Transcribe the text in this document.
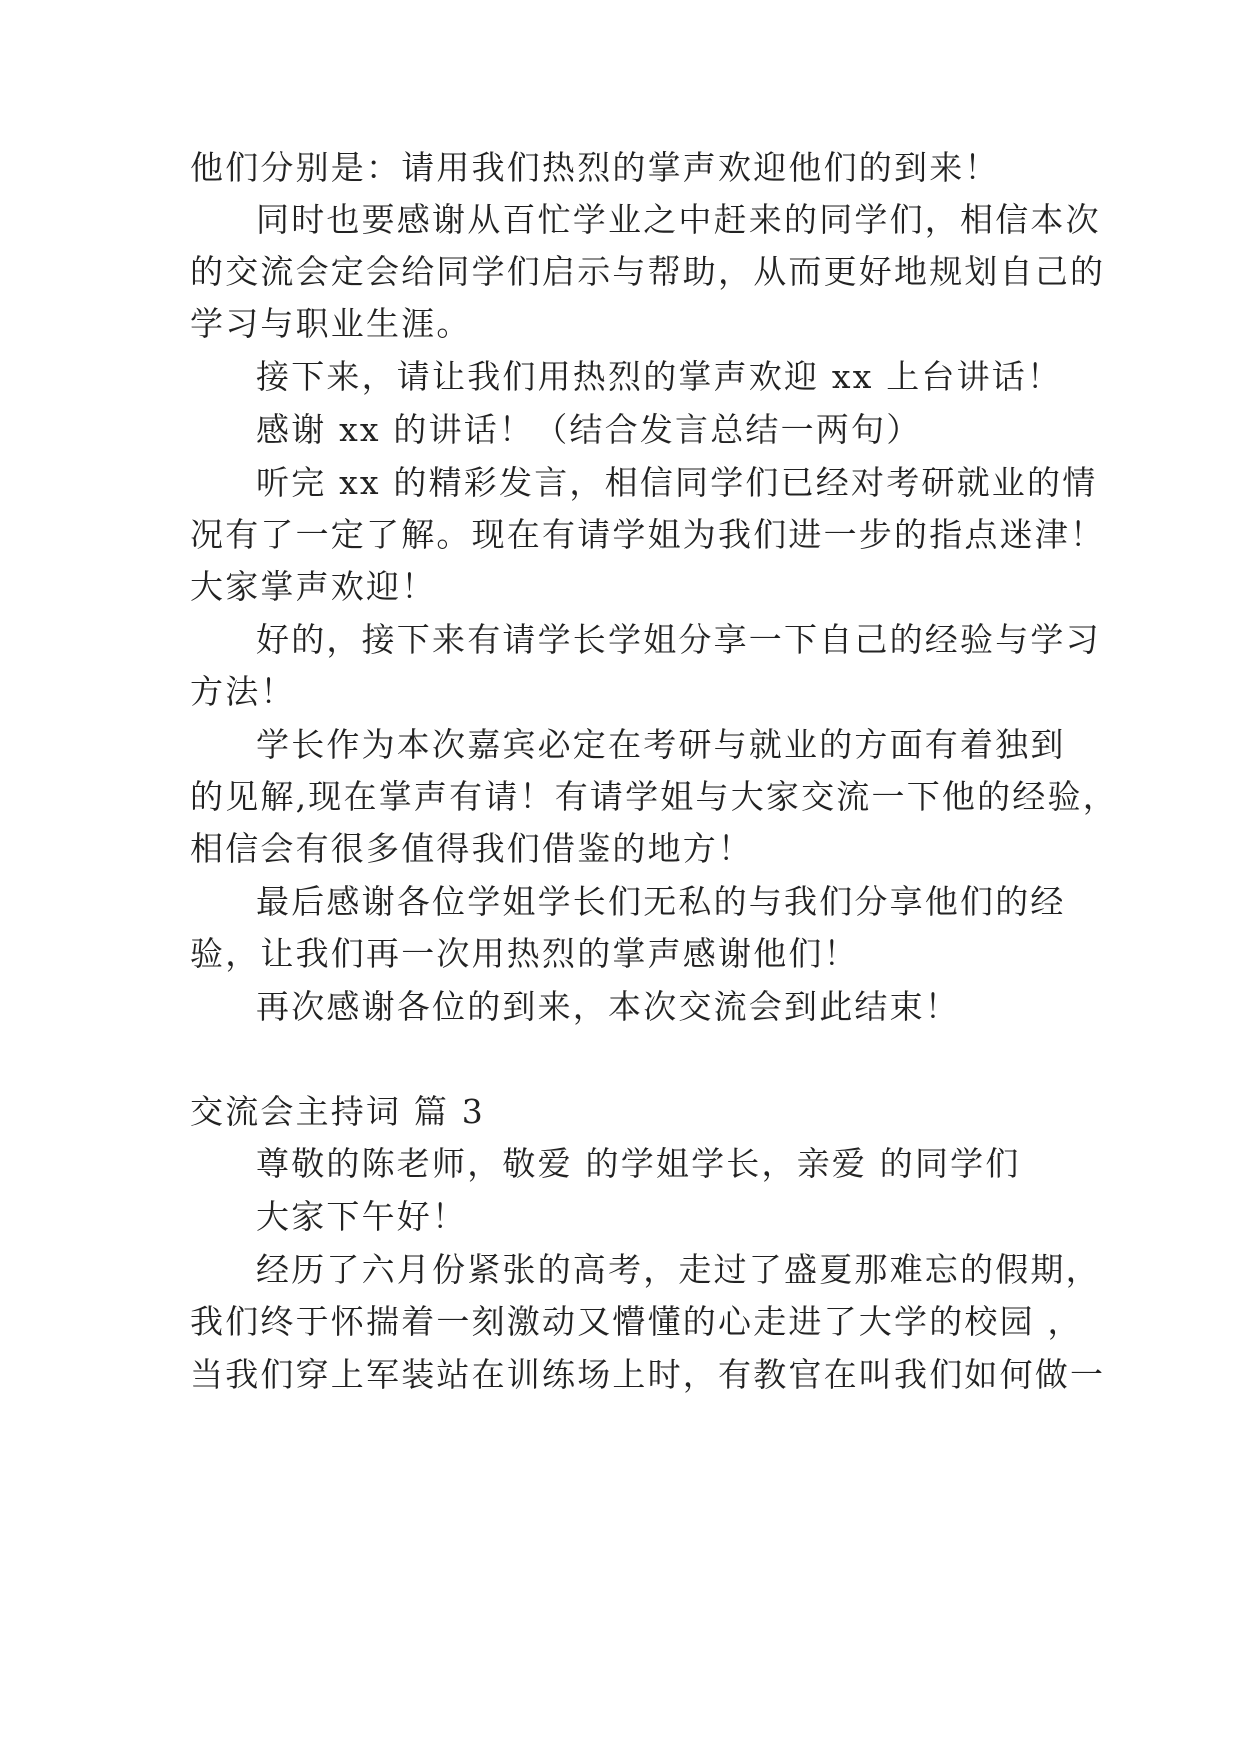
他们分别是：请用我们热烈的掌声欢迎他们的到来！
同时也要感谢从百忙学业之中赶来的同学们，相信本次
的交流会定会给同学们启示与帮助，从而更好地规划自己的
学习与职业生涯。
接下来，请让我们用热烈的掌声欢迎 xx 上台讲话！
感谢 xx 的讲话！（结合发言总结一两句）
听完 xx 的精彩发言，相信同学们已经对考研就业的情
况有了一定了解。现在有请学姐为我们进一步的指点迷津！
大家掌声欢迎！
好的，接下来有请学长学姐分享一下自己的经验与学习
方法！
学长作为本次嘉宾必定在考研与就业的方面有着独到
的见解,现在掌声有请！有请学姐与大家交流一下他的经验，
相信会有很多值得我们借鉴的地方！
最后感谢各位学姐学长们无私的与我们分享他们的经
验，让我们再一次用热烈的掌声感谢他们！
再次感谢各位的到来，本次交流会到此结束！
交流会主持词 篇 3
尊敬的陈老师，敬爱 的学姐学长，亲爱 的同学们
大家下午好！
经历了六月份紧张的高考，走过了盛夏那难忘的假期，
我们终于怀揣着一刻激动又懵懂的心走进了大学的校园 ，
当我们穿上军装站在训练场上时，有教官在叫我们如何做一
